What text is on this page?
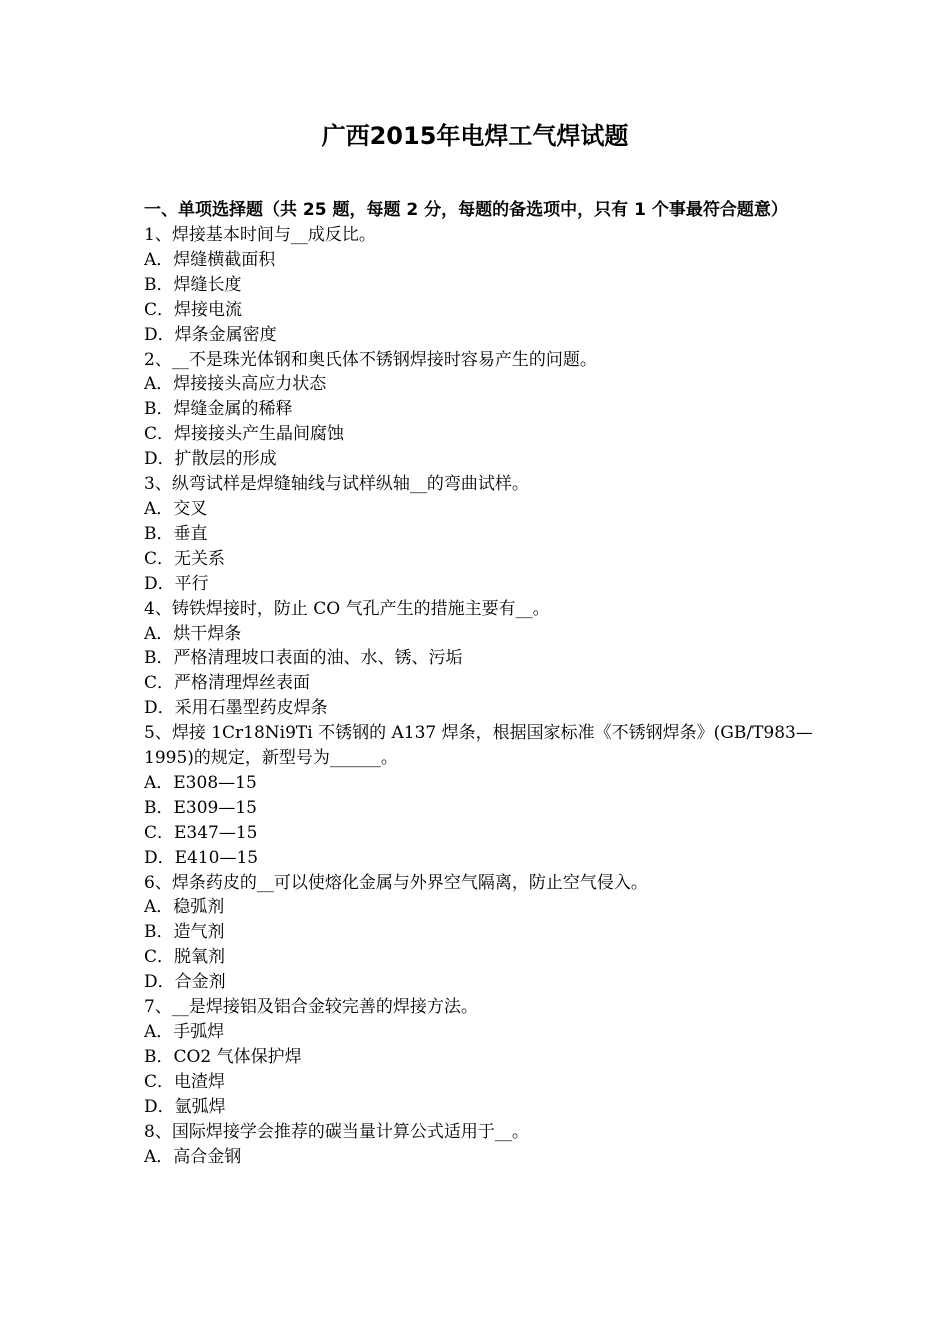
广西2015年电焊工气焊试题

一、单项选择题（共 25 题，每题 2 分，每题的备选项中，只有 1 个事最符合题意）

1、焊接基本时间与__成反比。

A．焊缝横截面积

B．焊缝长度

C．焊接电流

D．焊条金属密度

2、__不是珠光体钢和奥氏体不锈钢焊接时容易产生的问题。

A．焊接接头高应力状态

B．焊缝金属的稀释

C．焊接接头产生晶间腐蚀

D．扩散层的形成

3、纵弯试样是焊缝轴线与试样纵轴__的弯曲试样。

A．交叉

B．垂直

C．无关系

D．平行

4、铸铁焊接时，防止 CO 气孔产生的措施主要有__。

A．烘干焊条

B．严格清理坡口表面的油、水、锈、污垢

C．严格清理焊丝表面

D．采用石墨型药皮焊条

5、焊接 1Cr18Ni9Ti 不锈钢的 A137 焊条，根据国家标准《不锈钢焊条》(GB/T983—1995)的规定，新型号为______。

A．E308—15

B．E309—15

C．E347—15

D．E410—15

6、焊条药皮的__可以使熔化金属与外界空气隔离，防止空气侵入。

A．稳弧剂

B．造气剂

C．脱氧剂

D．合金剂

7、__是焊接铝及铝合金较完善的焊接方法。

A．手弧焊

B．CO2 气体保护焊

C．电渣焊

D．氩弧焊

8、国际焊接学会推荐的碳当量计算公式适用于__。

A．高合金钢
